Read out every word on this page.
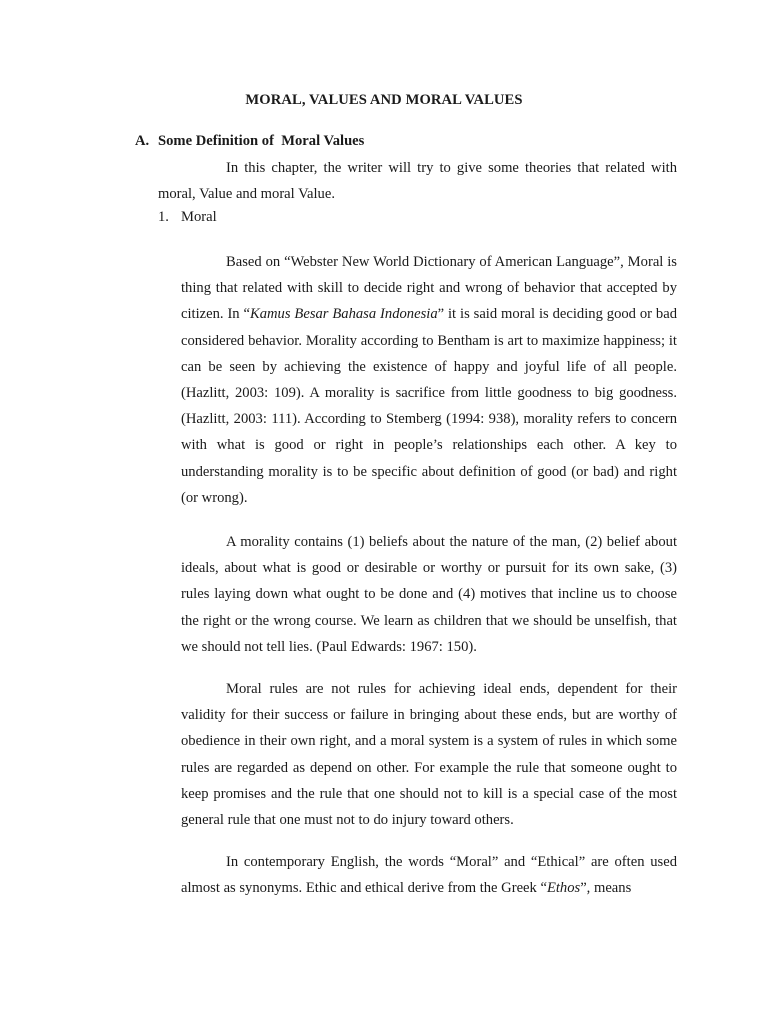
MORAL, VALUES AND MORAL VALUES
A. Some Definition of  Moral Values

In this chapter, the writer will try to give some theories that related with moral, Value and moral Value.

1. Moral

Based on “Webster New World Dictionary of American Language”, Moral is thing that related with skill to decide right and wrong of behavior that accepted by citizen. In “Kamus Besar Bahasa Indonesia” it is said moral is deciding good or bad considered behavior. Morality according to Bentham is art to maximize happiness; it can be seen by achieving the existence of happy and joyful life of all people. (Hazlitt, 2003: 109). A morality is sacrifice from little goodness to big goodness. (Hazlitt, 2003: 111). According to Stemberg (1994: 938), morality refers to concern with what is good or right in people’s relationships each other. A key to understanding morality is to be specific about definition of good (or bad) and right (or wrong).

A morality contains (1) beliefs about the nature of the man, (2) belief about ideals, about what is good or desirable or worthy or pursuit for its own sake, (3) rules laying down what ought to be done and (4) motives that incline us to choose the right or the wrong course. We learn as children that we should be unselfish, that we should not tell lies. (Paul Edwards: 1967: 150).

Moral rules are not rules for achieving ideal ends, dependent for their validity for their success or failure in bringing about these ends, but are worthy of obedience in their own right, and a moral system is a system of rules in which some rules are regarded as depend on other. For example the rule that someone ought to keep promises and the rule that one should not to kill is a special case of the most general rule that one must not to do injury toward others.

In contemporary English, the words “Moral” and “Ethical” are often used almost as synonyms. Ethic and ethical derive from the Greek “Ethos”, means
